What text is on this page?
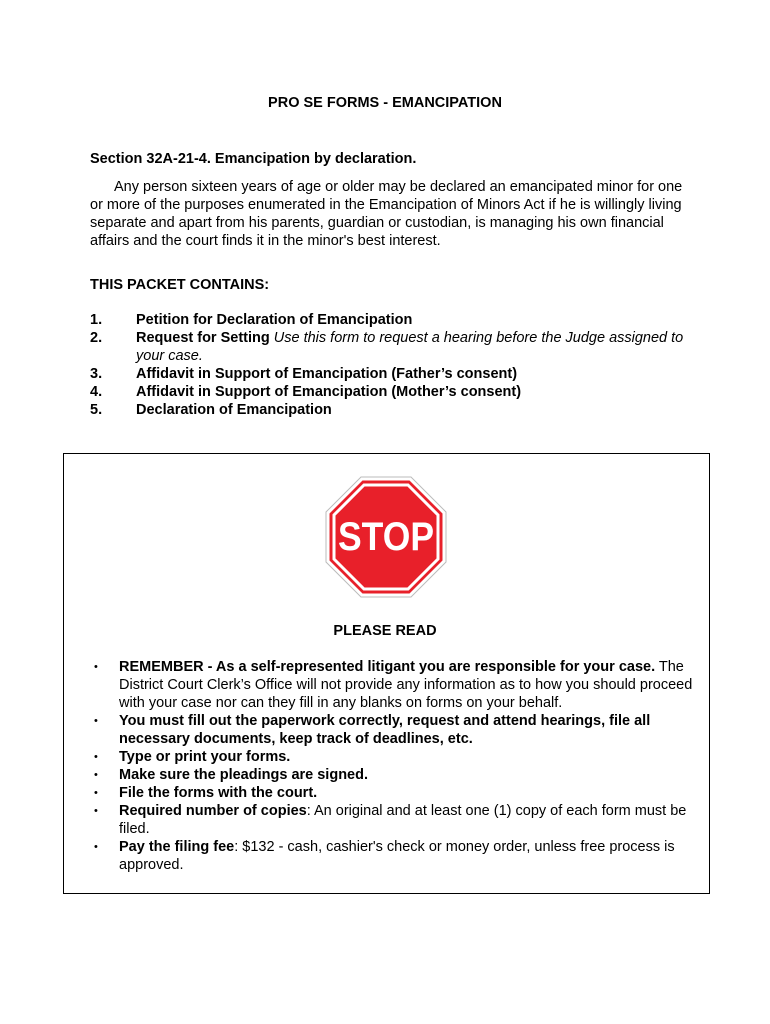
PRO SE FORMS - EMANCIPATION
Section 32A-21-4. Emancipation by declaration.

Any person sixteen years of age or older may be declared an emancipated minor for one or more of the purposes enumerated in the Emancipation of Minors Act if he is willingly living separate and apart from his parents, guardian or custodian, is managing his own financial affairs and the court finds it in the minor's best interest.

THIS PACKET CONTAINS:
1.	Petition for Declaration of Emancipation
2.	Request for Setting Use this form to request a hearing before the Judge assigned to your case.
3.	Affidavit in Support of Emancipation (Father’s consent)
4.	Affidavit in Support of Emancipation (Mother’s consent)
5.	Declaration of Emancipation
STOP
PLEASE READ
•	REMEMBER - As a self-represented litigant you are responsible for your case. The District Court Clerk’s Office will not provide any information as to how you should proceed with your case nor can they fill in any blanks on forms on your behalf.
•	You must fill out the paperwork correctly, request and attend hearings, file all necessary documents, keep track of deadlines, etc.
•	Type or print your forms.
•	Make sure the pleadings are signed.
•	File the forms with the court.
•	Required number of copies: An original and at least one (1) copy of each form must be filed.
•	Pay the filing fee: $132 - cash, cashier's check or money order, unless free process is approved.
